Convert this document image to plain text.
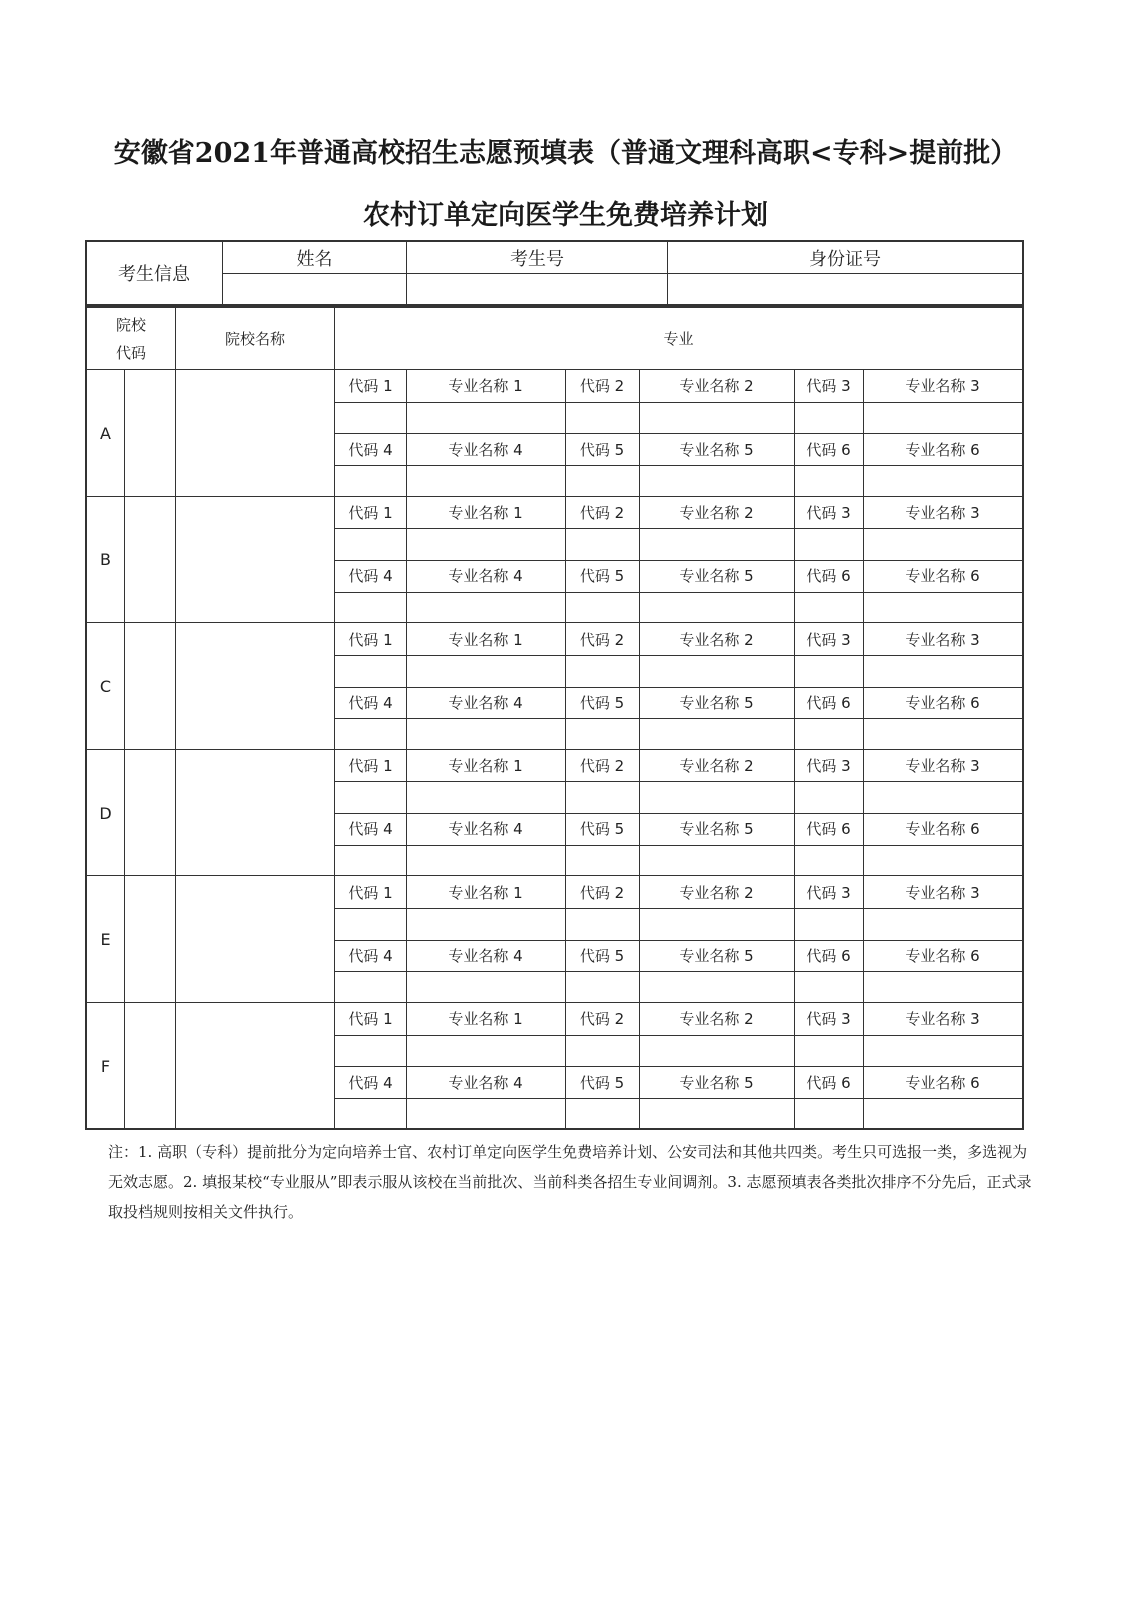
安徽省2021年普通高校招生志愿预填表（普通文理科高职<专科>提前批）
农村订单定向医学生免费培养计划
考生信息
姓名	考生号	身份证号
院校
代码
院校名称	专业
A
代码 1	专业名称 1	代码 2	专业名称 2	代码 3	专业名称 3
代码 4	专业名称 4	代码 5	专业名称 5	代码 6	专业名称 6
B
代码 1	专业名称 1	代码 2	专业名称 2	代码 3	专业名称 3
代码 4	专业名称 4	代码 5	专业名称 5	代码 6	专业名称 6
C
代码 1	专业名称 1	代码 2	专业名称 2	代码 3	专业名称 3
代码 4	专业名称 4	代码 5	专业名称 5	代码 6	专业名称 6
D
代码 1	专业名称 1	代码 2	专业名称 2	代码 3	专业名称 3
代码 4	专业名称 4	代码 5	专业名称 5	代码 6	专业名称 6
E
代码 1	专业名称 1	代码 2	专业名称 2	代码 3	专业名称 3
代码 4	专业名称 4	代码 5	专业名称 5	代码 6	专业名称 6
F
代码 1	专业名称 1	代码 2	专业名称 2	代码 3	专业名称 3
代码 4	专业名称 4	代码 5	专业名称 5	代码 6	专业名称 6
注：1. 高职（专科）提前批分为定向培养士官、农村订单定向医学生免费培养计划、公安司法和其他共四类。考生只可选报一类，多选视为无效志愿。2. 填报某校“专业服从”即表示服从该校在当前批次、当前科类各招生专业间调剂。3. 志愿预填表各类批次排序不分先后，正式录取投档规则按相关文件执行。
